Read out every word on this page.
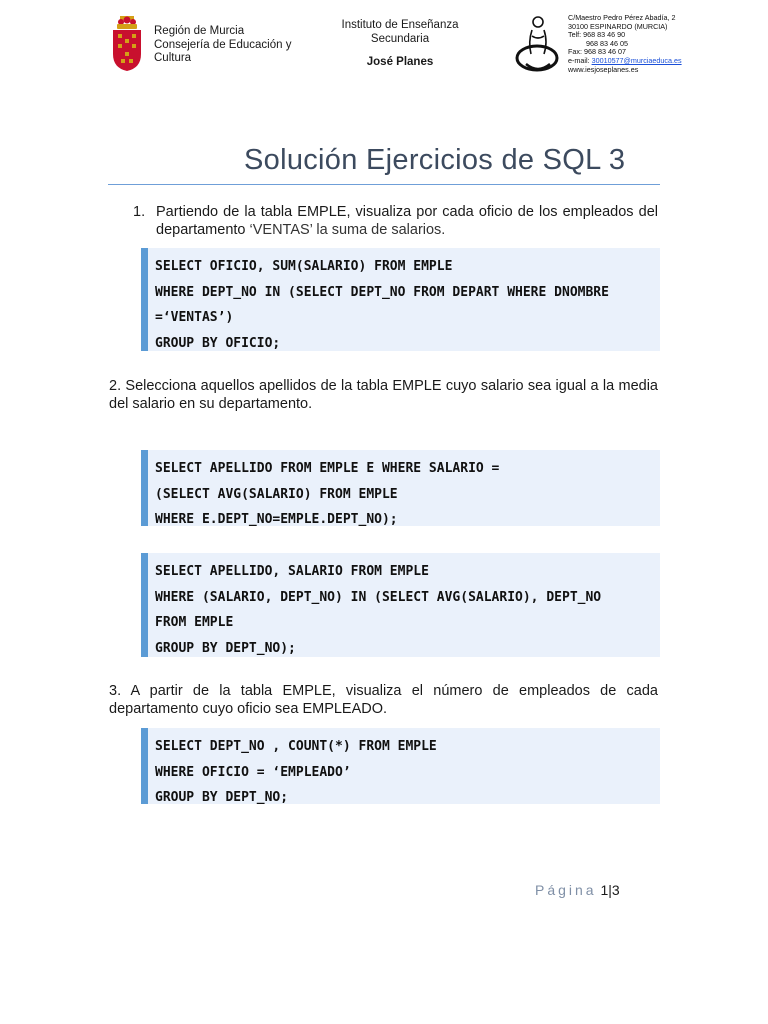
Región de Murcia
Consejería de Educación y
Cultura
Instituto de Enseñanza
Secundaria
José Planes
C/Maestro Pedro Pérez Abadía, 2
30100 ESPINARDO (MURCIA)
Telf: 968 83 46 90
968 83 46 05
Fax: 968 83 46 07
e-mail: 30010577@murciaeduca.es
www.iesjoseplanes.es
Solución Ejercicios de SQL 3
1. Partiendo de la tabla EMPLE, visualiza por cada oficio de los empleados del departamento ‘VENTAS’ la suma de salarios.
SELECT OFICIO, SUM(SALARIO) FROM EMPLE
WHERE DEPT_NO IN (SELECT DEPT_NO FROM DEPART WHERE DNOMBRE
=‘VENTAS’)
GROUP BY OFICIO;
2. Selecciona aquellos apellidos de la tabla EMPLE cuyo salario sea igual a la media del salario en su departamento.
SELECT APELLIDO FROM EMPLE E WHERE SALARIO =
(SELECT AVG(SALARIO) FROM EMPLE
WHERE E.DEPT_NO=EMPLE.DEPT_NO);
SELECT APELLIDO, SALARIO FROM EMPLE
WHERE (SALARIO, DEPT_NO) IN (SELECT AVG(SALARIO), DEPT_NO
FROM EMPLE
GROUP BY DEPT_NO);
3. A partir de la tabla EMPLE, visualiza el número de empleados de cada departamento cuyo oficio sea EMPLEADO.
SELECT DEPT_NO , COUNT(*) FROM EMPLE
WHERE OFICIO = ‘EMPLEADO’
GROUP BY DEPT_NO;
Página 1|3
